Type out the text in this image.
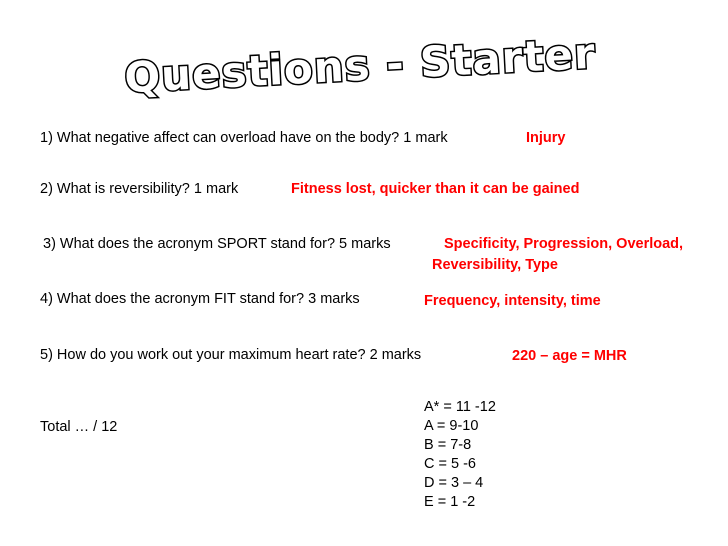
Questions - Starter
1) What negative affect can overload have on the body? 1 mark	Injury
2) What is reversibility? 1 mark	Fitness lost, quicker than it can be gained
3) What does the acronym SPORT stand for? 5 marks	Specificity, Progression, Overload,
Reversibility, Type
4) What does the acronym FIT stand for? 3 marks	Frequency, intensity, time
5) How do you work out your maximum heart rate? 2 marks	220 – age = MHR
Total … / 12
A* = 11 -12
A = 9-10
B = 7-8
C = 5 -6
D = 3 – 4
E = 1 -2
